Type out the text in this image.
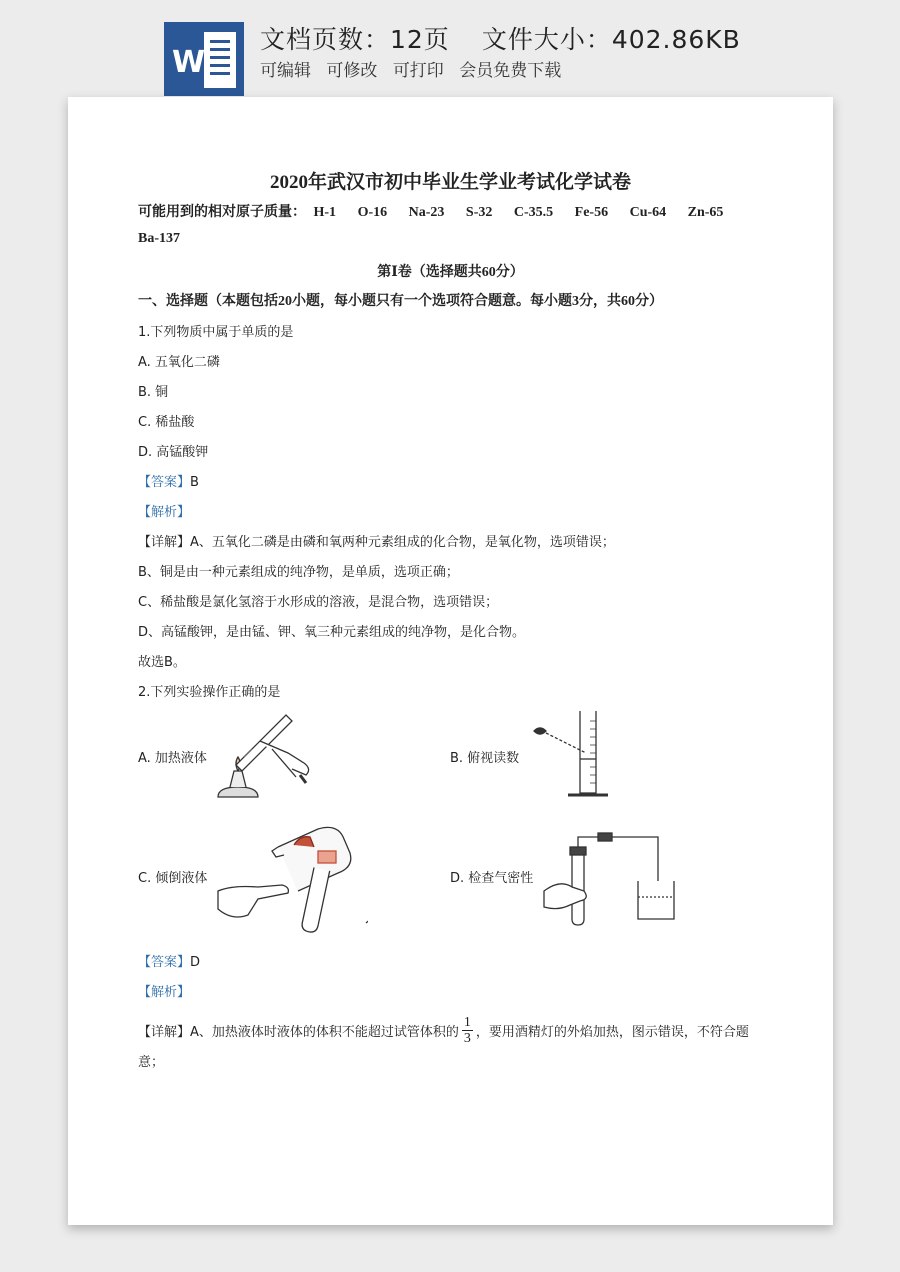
W
文档页数：12页 文件大小：402.86KB
可编辑 可修改 可打印 会员免费下载
2020年武汉市初中毕业生学业考试化学试卷
可能用到的相对原子质量： H-1 O-16 Na-23 S-32 C-35.5 Fe-56 Cu-64 Zn-65
Ba-137
第Ⅰ卷（选择题共60分）
一、选择题（本题包括20小题，每小题只有一个选项符合题意。每小题3分，共60分）
1.下列物质中属于单质的是
A. 五氧化二磷
B. 铜
C. 稀盐酸
D. 高锰酸钾
【答案】B
【解析】
【详解】A、五氧化二磷是由磷和氧两种元素组成的化合物，是氧化物，选项错误；
B、铜是由一种元素组成的纯净物，是单质，选项正确；
C、稀盐酸是氯化氢溶于水形成的溶液，是混合物，选项错误；
D、高锰酸钾，是由锰、钾、氧三种元素组成的纯净物，是化合物。
故选B。
2.下列实验操作正确的是
A. 加热液体	B. 俯视读数
C. 倾倒液体	D. 检查气密性
【答案】D
【解析】
【详解】A、加热液体时液体的体积不能超过试管体积的 $\frac{1}{3}$ ，要用酒精灯的外焰加热，图示错误，不符合题
意；
